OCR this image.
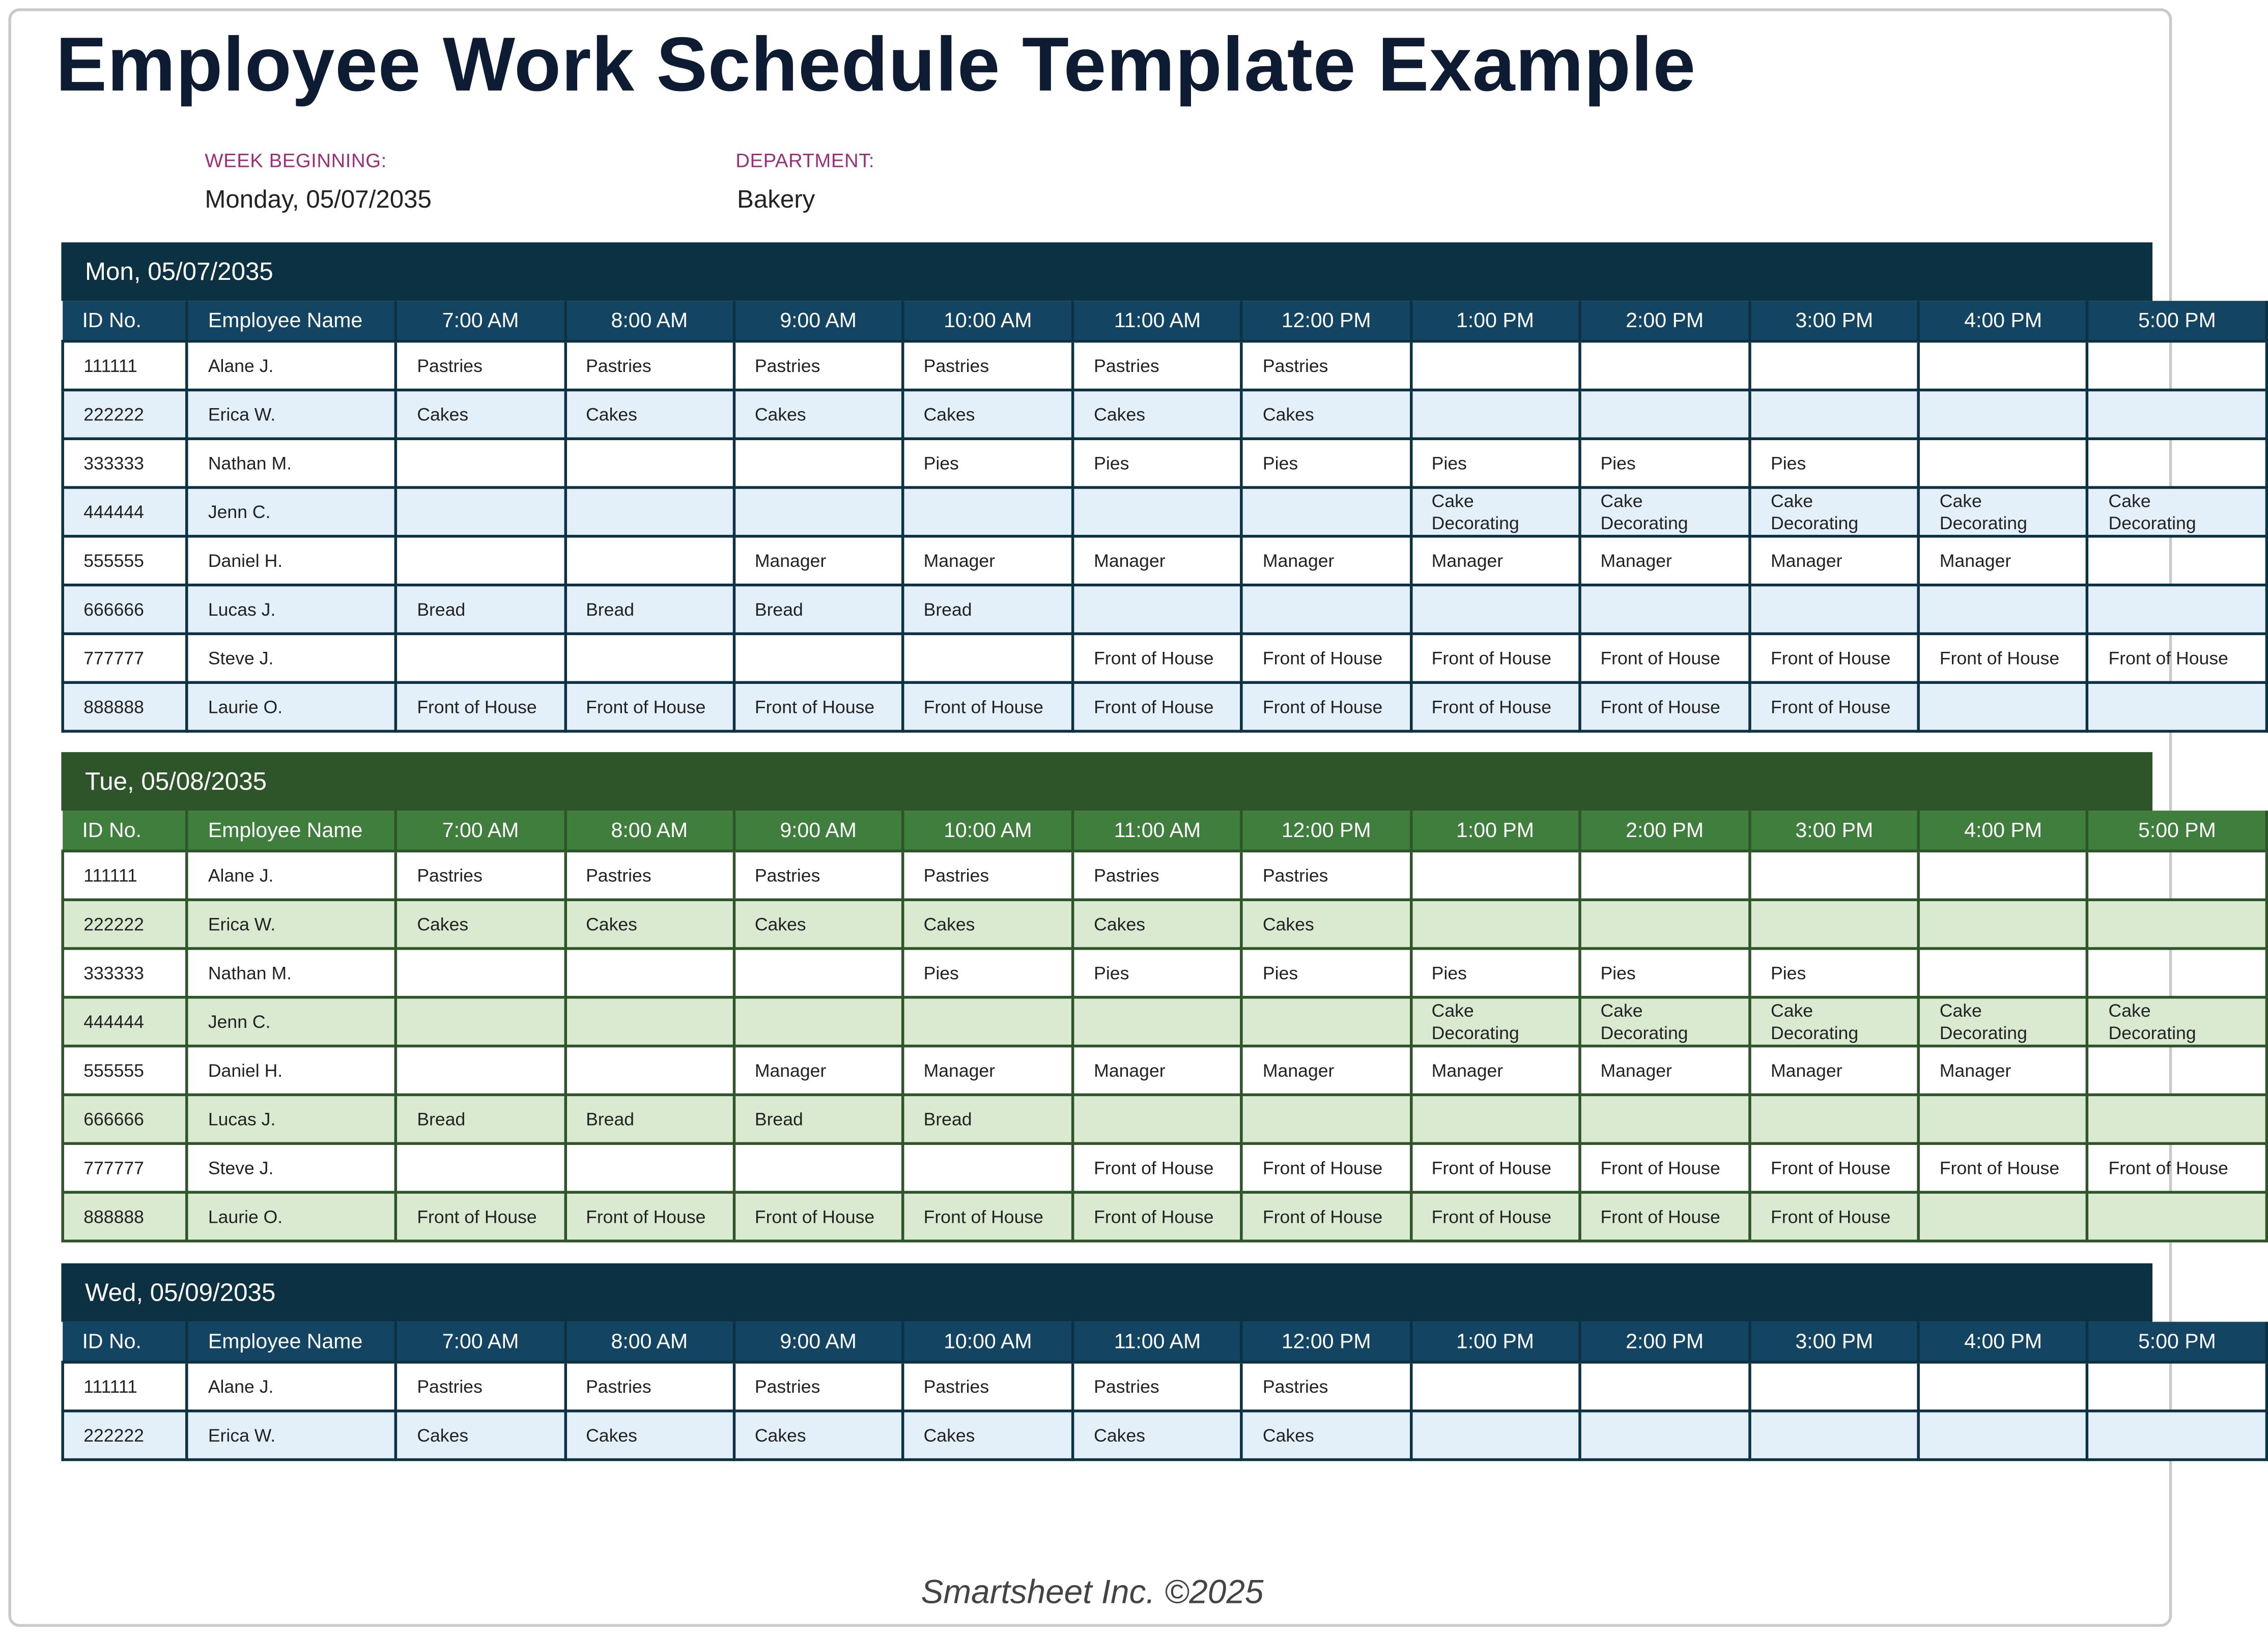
Employee Work Schedule Template Example
WEEK BEGINNING:
Monday, 05/07/2035
DEPARTMENT:
Bakery
Mon, 05/07/2035
ID No.	Employee Name	7:00 AM	8:00 AM	9:00 AM	10:00 AM	11:00 AM	12:00 PM	1:00 PM	2:00 PM	3:00 PM	4:00 PM	5:00 PM
111111	Alane J.	Pastries	Pastries	Pastries	Pastries	Pastries	Pastries					
222222	Erica W.	Cakes	Cakes	Cakes	Cakes	Cakes	Cakes					
333333	Nathan M.				Pies	Pies	Pies	Pies	Pies	Pies		
444444	Jenn C.							Cake Decorating	Cake Decorating	Cake Decorating	Cake Decorating	Cake Decorating
555555	Daniel H.			Manager	Manager	Manager	Manager	Manager	Manager	Manager	Manager	
666666	Lucas J.	Bread	Bread	Bread	Bread							
777777	Steve J.					Front of House	Front of House	Front of House	Front of House	Front of House	Front of House	Front of House
888888	Laurie O.	Front of House	Front of House	Front of House	Front of House	Front of House	Front of House	Front of House	Front of House	Front of House		
Tue, 05/08/2035
ID No.	Employee Name	7:00 AM	8:00 AM	9:00 AM	10:00 AM	11:00 AM	12:00 PM	1:00 PM	2:00 PM	3:00 PM	4:00 PM	5:00 PM
111111	Alane J.	Pastries	Pastries	Pastries	Pastries	Pastries	Pastries					
222222	Erica W.	Cakes	Cakes	Cakes	Cakes	Cakes	Cakes					
333333	Nathan M.				Pies	Pies	Pies	Pies	Pies	Pies		
444444	Jenn C.							Cake Decorating	Cake Decorating	Cake Decorating	Cake Decorating	Cake Decorating
555555	Daniel H.			Manager	Manager	Manager	Manager	Manager	Manager	Manager	Manager	
666666	Lucas J.	Bread	Bread	Bread	Bread							
777777	Steve J.					Front of House	Front of House	Front of House	Front of House	Front of House	Front of House	Front of House
888888	Laurie O.	Front of House	Front of House	Front of House	Front of House	Front of House	Front of House	Front of House	Front of House	Front of House		
Wed, 05/09/2035
ID No.	Employee Name	7:00 AM	8:00 AM	9:00 AM	10:00 AM	11:00 AM	12:00 PM	1:00 PM	2:00 PM	3:00 PM	4:00 PM	5:00 PM
111111	Alane J.	Pastries	Pastries	Pastries	Pastries	Pastries	Pastries					
222222	Erica W.	Cakes	Cakes	Cakes	Cakes	Cakes	Cakes					
Smartsheet Inc. ©2025
